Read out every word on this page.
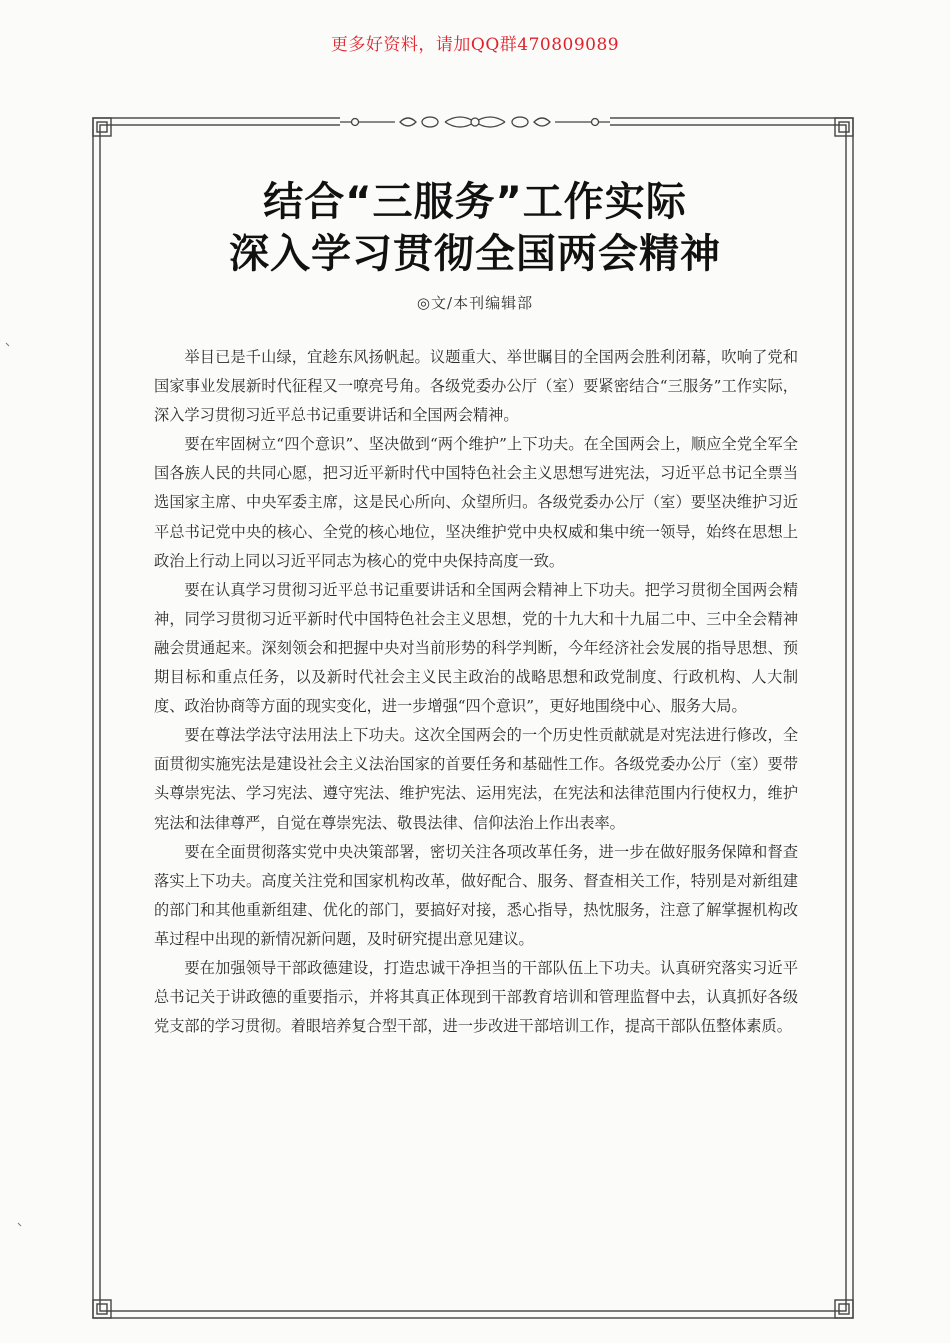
更多好资料，请加QQ群470809089
结合“三服务”工作实际
深入学习贯彻全国两会精神
◎文/本刊编辑部

举目已是千山绿，宜趁东风扬帆起。议题重大、举世瞩目的全国两会胜利闭幕，吹响了党和国家事业发展新时代征程又一嘹亮号角。各级党委办公厅（室）要紧密结合“三服务”工作实际，深入学习贯彻习近平总书记重要讲话和全国两会精神。

要在牢固树立“四个意识”、坚决做到“两个维护”上下功夫。在全国两会上，顺应全党全军全国各族人民的共同心愿，把习近平新时代中国特色社会主义思想写进宪法，习近平总书记全票当选国家主席、中央军委主席，这是民心所向、众望所归。各级党委办公厅（室）要坚决维护习近平总书记党中央的核心、全党的核心地位，坚决维护党中央权威和集中统一领导，始终在思想上政治上行动上同以习近平同志为核心的党中央保持高度一致。

要在认真学习贯彻习近平总书记重要讲话和全国两会精神上下功夫。把学习贯彻全国两会精神，同学习贯彻习近平新时代中国特色社会主义思想，党的十九大和十九届二中、三中全会精神融会贯通起来。深刻领会和把握中央对当前形势的科学判断，今年经济社会发展的指导思想、预期目标和重点任务，以及新时代社会主义民主政治的战略思想和政党制度、行政机构、人大制度、政治协商等方面的现实变化，进一步增强“四个意识”，更好地围绕中心、服务大局。

要在尊法学法守法用法上下功夫。这次全国两会的一个历史性贡献就是对宪法进行修改，全面贯彻实施宪法是建设社会主义法治国家的首要任务和基础性工作。各级党委办公厅（室）要带头尊崇宪法、学习宪法、遵守宪法、维护宪法、运用宪法，在宪法和法律范围内行使权力，维护宪法和法律尊严，自觉在尊崇宪法、敬畏法律、信仰法治上作出表率。

要在全面贯彻落实党中央决策部署，密切关注各项改革任务，进一步在做好服务保障和督查落实上下功夫。高度关注党和国家机构改革，做好配合、服务、督查相关工作，特别是对新组建的部门和其他重新组建、优化的部门，要搞好对接，悉心指导，热忱服务，注意了解掌握机构改革过程中出现的新情况新问题，及时研究提出意见建议。

要在加强领导干部政德建设，打造忠诚干净担当的干部队伍上下功夫。认真研究落实习近平总书记关于讲政德的重要指示，并将其真正体现到干部教育培训和管理监督中去，认真抓好各级党支部的学习贯彻。着眼培养复合型干部，进一步改进干部培训工作，提高干部队伍整体素质。
